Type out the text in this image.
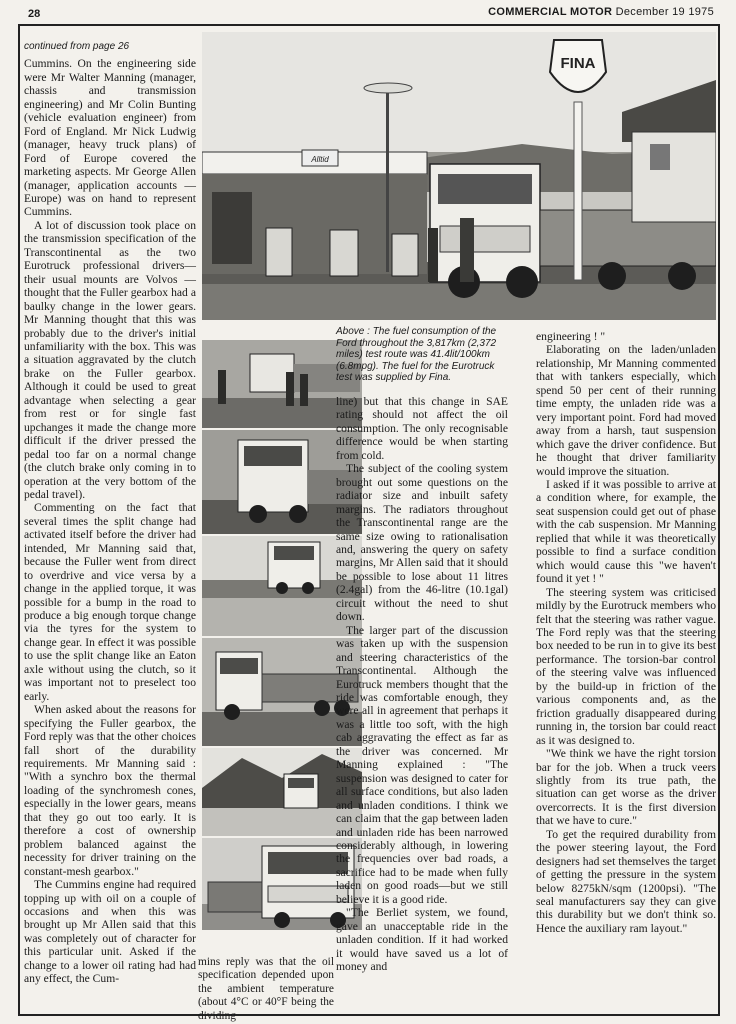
28	COMMERCIAL MOTOR December 19 1975
Alltid
FINA

continued from page 26

Cummins. On the engineering side were Mr Walter Manning (manager, chassis and transmission engineering) and Mr Colin Bunting (vehicle evaluation engineer) from Ford of England. Mr Nick Ludwig (manager, heavy truck plans) of Ford of Europe covered the marketing aspects. Mr George Allen (manager, application accounts — Europe) was on hand to represent Cummins.

A lot of discussion took place on the transmission specification of the Transcontinental as the two Eurotruck professional drivers—their usual mounts are Volvos — thought that the Fuller gearbox had a baulky change in the lower gears. Mr Manning thought that this was probably due to the driver's initial unfamiliarity with the box. This was a situation aggravated by the clutch brake on the Fuller gearbox. Although it could be used to great advantage when selecting a gear from rest or for single fast upchanges it made the change more difficult if the driver pressed the pedal too far on a normal change (the clutch brake only coming in to operation at the very bottom of the pedal travel).

Commenting on the fact that several times the split change had activated itself before the driver had intended, Mr Manning said that, because the Fuller went from direct to overdrive and vice versa by a change in the applied torque, it was possible for a bump in the road to produce a big enough torque change via the tyres for the system to change gear. In effect it was possible to use the split change like an Eaton axle without using the clutch, so it was important not to preselect too early.

When asked about the reasons for specifying the Fuller gearbox, the Ford reply was that the other choices fall short of the durability requirements. Mr Manning said : "With a synchro box the thermal loading of the synchromesh cones, especially in the lower gears, means that they go out too early. It is therefore a cost of ownership problem balanced against the necessity for driver training on the constant-mesh gearbox."

The Cummins engine had required topping up with oil on a couple of occasions and when this was brought up Mr Allen said that this was completely out of character for this particular unit. Asked if the change to a lower oil rating had had any effect, the Cum-

Above : The fuel consumption of the Ford throughout the 3,817km (2,372 miles) test route was 41.4lit/100km (6.8mpg). The fuel for the Eurotruck test was supplied by Fina.

line) but that this change in SAE rating should not affect the oil consumption. The only recognisable difference would be when starting from cold.

The subject of the cooling system brought out some questions on the radiator size and inbuilt safety margins. The radiators throughout the Transcontinental range are the same size owing to rationalisation and, answering the query on safety margins, Mr Allen said that it should be possible to lose about 11 litres (2.4gal) from the 46-litre (10.1gal) circuit without the need to shut down.

The larger part of the discussion was taken up with the suspension and steering characteristics of the Transcontinental. Although the Eurotruck members thought that the ride was comfortable enough, they were all in agreement that perhaps it was a little too soft, with the high cab aggravating the effect as far as the driver was concerned. Mr Manning explained : "The suspension was designed to cater for all surface conditions, but also laden and unladen conditions. I think we can claim that the gap between laden and unladen ride has been narrowed considerably although, in lowering the frequencies over bad roads, a sacrifice had to be made when fully laden on good roads—but we still believe it is a good ride.

"The Berliet system, we found, gave an unacceptable ride in the unladen condition. If it had worked it would have saved us a lot of money and

mins reply was that the oil specification depended upon the ambient temperature (about 4°C or 40°F being the dividing

engineering ! "

Elaborating on the laden/unladen relationship, Mr Manning commented that with tankers especially, which spend 50 per cent of their running time empty, the unladen ride was a very important point. Ford had moved away from a harsh, taut suspension which gave the driver confidence. But he thought that driver familiarity would improve the situation.

I asked if it was possible to arrive at a condition where, for example, the seat suspension could get out of phase with the cab suspension. Mr Manning replied that while it was theoretically possible to find a surface condition which would cause this "we haven't found it yet ! "

The steering system was criticised mildly by the Eurotruck members who felt that the steering was rather vague. The Ford reply was that the steering box needed to be run in to give its best performance. The torsion-bar control of the steering valve was influenced by the build-up in friction of the various components and, as the friction gradually disappeared during running in, the torsion bar could react as it was designed to.

"We think we have the right torsion bar for the job. When a truck veers slightly from its true path, the situation can get worse as the driver overcorrects. It is the first diversion that we have to cure."

To get the required durability from the power steering layout, the Ford designers had set themselves the target of getting the pressure in the system below 8275kN/sqm (1200psi). "The seal manufacturers say they can give this durability but we don't think so. Hence the auxiliary ram layout."
